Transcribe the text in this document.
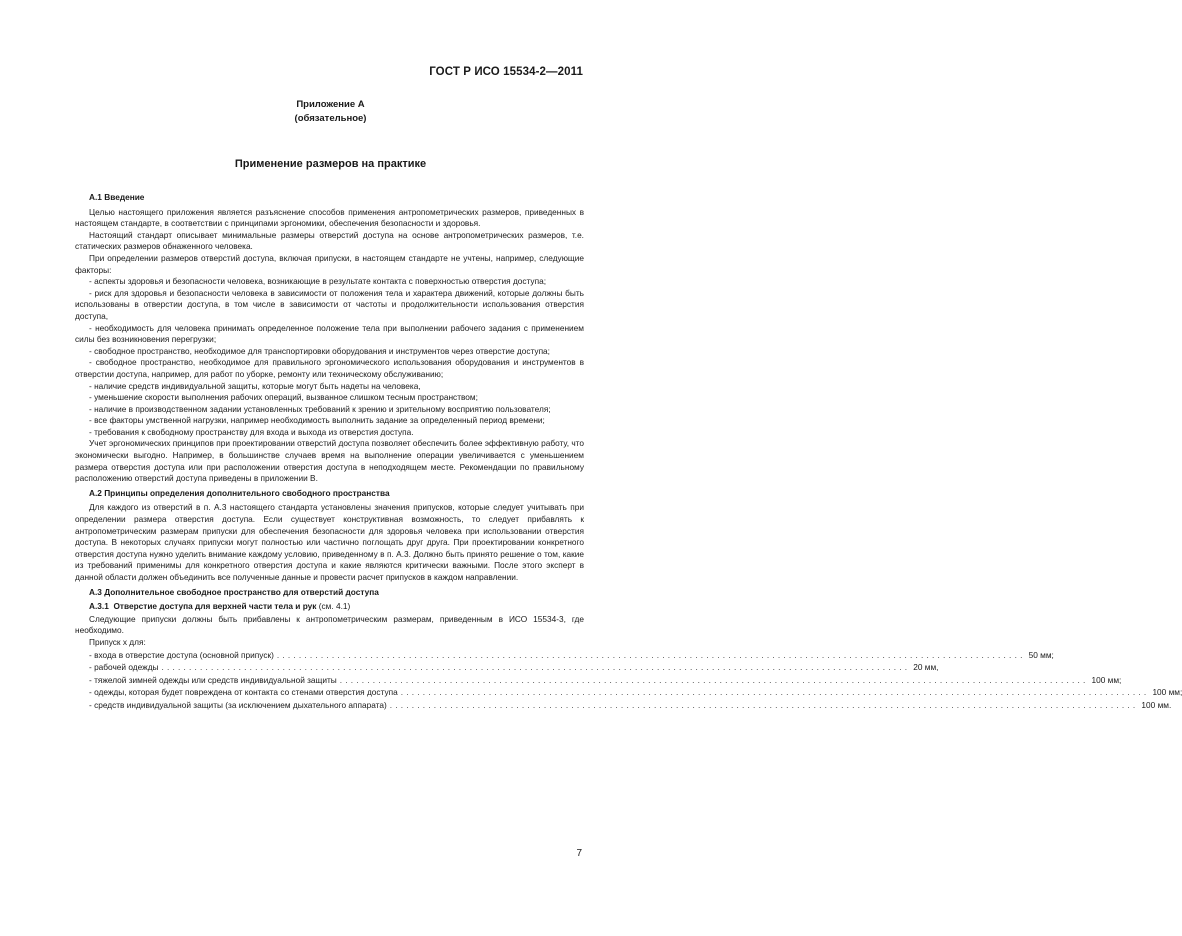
ГОСТ Р ИСО 15534-2—2011
Приложение А
(обязательное)
Применение размеров на практике

А.1 Введение

Целью настоящего приложения является разъяснение способов применения антропометрических размеров, приведенных в настоящем стандарте, в соответствии с принципами эргономики, обеспечения безопасности и здоровья.

Настоящий стандарт описывает минимальные размеры отверстий доступа на основе антропометрических размеров, т.е. статических размеров обнаженного человека.

При определении размеров отверстий доступа, включая припуски, в настоящем стандарте не учтены, например, следующие факторы:

- аспекты здоровья и безопасности человека, возникающие в результате контакта с поверхностью отверстия доступа;

- риск для здоровья и безопасности человека в зависимости от положения тела и характера движений, которые должны быть использованы в отверстии доступа, в том числе в зависимости от частоты и продолжительности использования отверстия доступа,

- необходимость для человека принимать определенное положение тела при выполнении рабочего задания с применением силы без возникновения перегрузки;

- свободное пространство, необходимое для транспортировки оборудования и инструментов через отверстие доступа;

- свободное пространство, необходимое для правильного эргономического использования оборудования и инструментов в отверстии доступа, например, для работ по уборке, ремонту или техническому обслуживанию;

- наличие средств индивидуальной защиты, которые могут быть надеты на человека,

- уменьшение скорости выполнения рабочих операций, вызванное слишком тесным пространством;

- наличие в производственном задании установленных требований к зрению и зрительному восприятию пользователя;

- все факторы умственной нагрузки, например необходимость выполнить задание за определенный период времени;

- требования к свободному пространству для входа и выхода из отверстия доступа.

Учет эргономических принципов при проектировании отверстий доступа позволяет обеспечить более эффективную работу, что экономически выгодно. Например, в большинстве случаев время на выполнение операции увеличивается с уменьшением размера отверстия доступа или при расположении отверстия доступа в неподходящем месте. Рекомендации по правильному расположению отверстий доступа приведены в приложении В.

А.2 Принципы определения дополнительного свободного пространства

Для каждого из отверстий в п. А.3 настоящего стандарта установлены значения припусков, которые следует учитывать при определении размера отверстия доступа. Если существует конструктивная возможность, то следует прибавлять к антропометрическим размерам припуски для обеспечения безопасности для здоровья человека при использовании отверстия доступа. В некоторых случаях припуски могут полностью или частично поглощать друг друга. При проектировании конкретного отверстия доступа нужно уделить внимание каждому условию, приведенному в п. А.3. Должно быть принято решение о том, какие из требований применимы для конкретного отверстия доступа и какие являются критически важными. После этого эксперт в данной области должен объединить все полученные данные и провести расчет припусков в каждом направлении.

А.3 Дополнительное свободное пространство для отверстий доступа

А.3.1 Отверстие доступа для верхней части тела и рук (см. 4.1)

Следующие припуски должны быть прибавлены к антропометрическим размерам, приведенным в ИСО 15534-3, где необходимо.

Припуск x для:

- входа в отверстие доступа (основной припуск) ........................................................................................................................................ 50 мм;
- рабочей одежды ........................................................................................................................................ 20 мм,
- тяжелой зимней одежды или средств индивидуальной защиты ........................................................................................................................................ 100 мм;
- одежды, которая будет повреждена от контакта со стенами отверстия доступа ........................................................................................................................................ 100 мм;
- средств индивидуальной защиты (за исключением дыхательного аппарата) ........................................................................................................................................ 100 мм.
7
